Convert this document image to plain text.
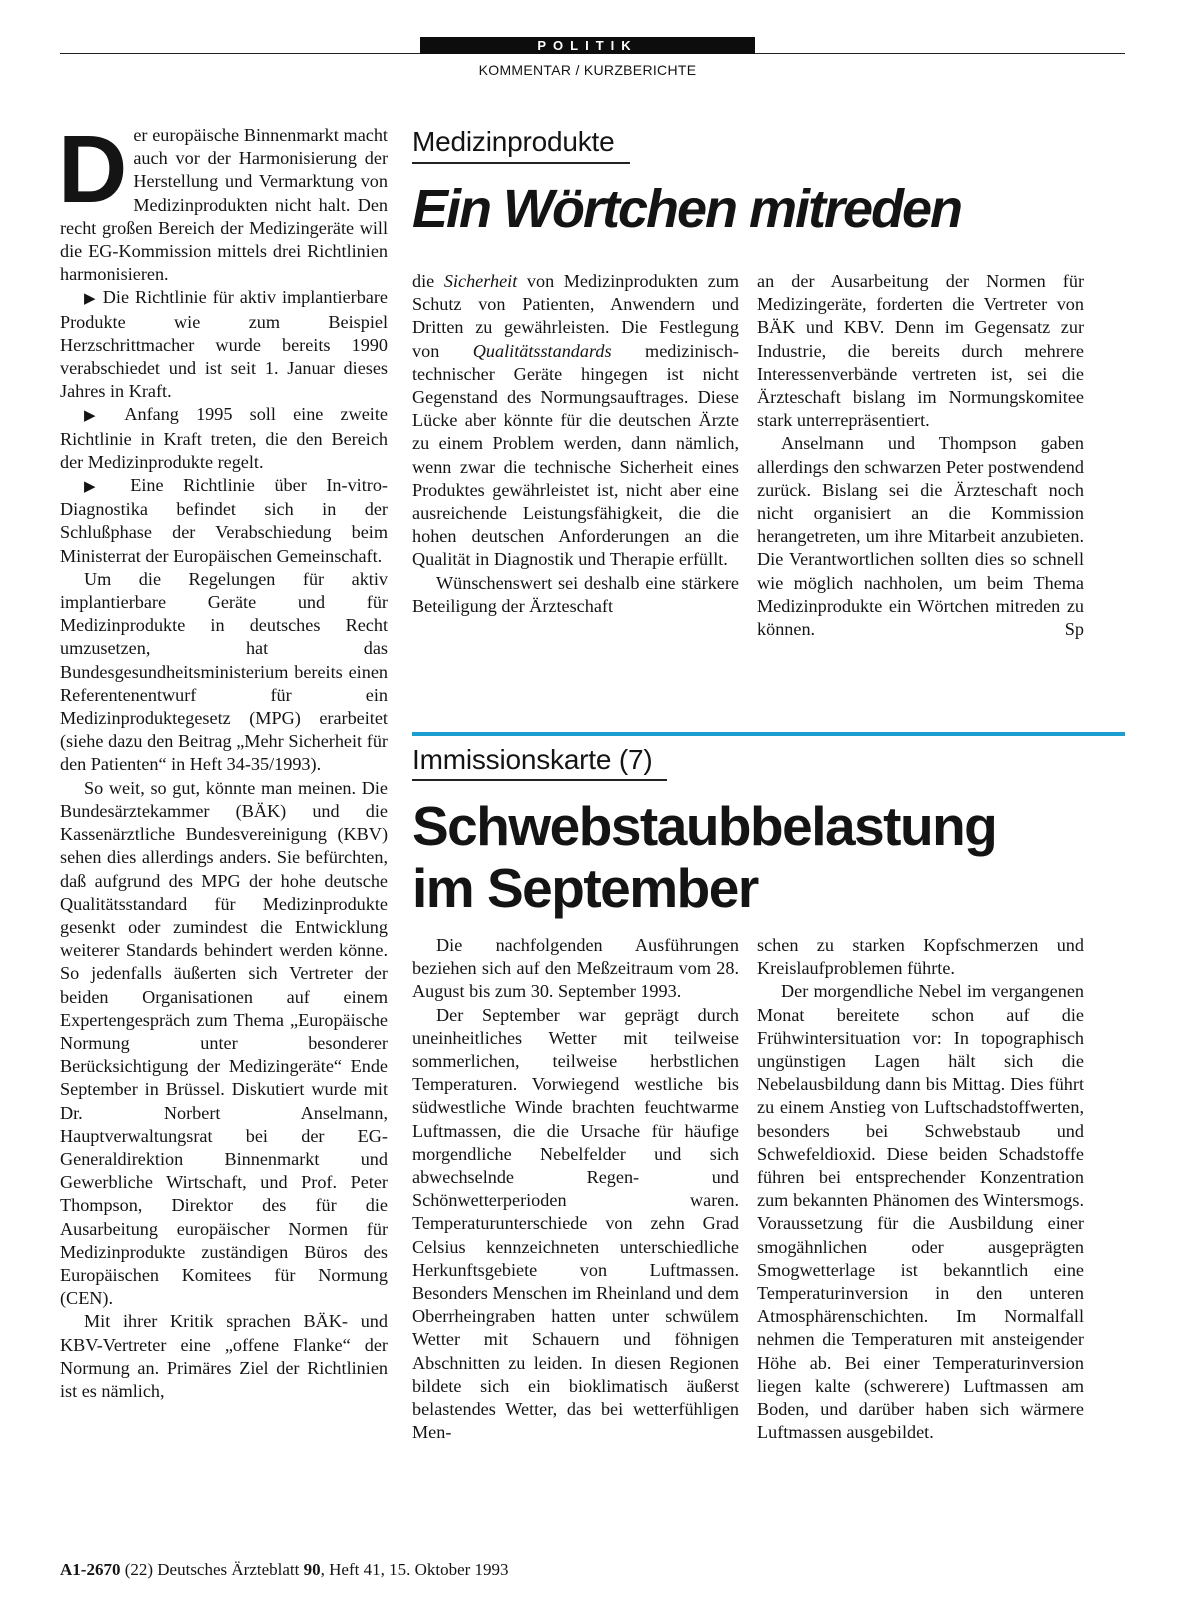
POLITIK
KOMMENTAR / KURZBERICHTE

Der europäische Binnenmarkt macht auch vor der Harmonisierung der Herstellung und Vermarktung von Medizinprodukten nicht halt. Den recht großen Bereich der Medizingeräte will die EG-Kommission mittels drei Richtlinien harmonisieren.

▶ Die Richtlinie für aktiv implantierbare Produkte wie zum Beispiel Herzschrittmacher wurde bereits 1990 verabschiedet und ist seit 1. Januar dieses Jahres in Kraft.

▶ Anfang 1995 soll eine zweite Richtlinie in Kraft treten, die den Bereich der Medizinprodukte regelt.

▶ Eine Richtlinie über In-vitro-Diagnostika befindet sich in der Schlußphase der Verabschiedung beim Ministerrat der Europäischen Gemeinschaft.

Um die Regelungen für aktiv implantierbare Geräte und für Medizinprodukte in deutsches Recht umzusetzen, hat das Bundesgesundheitsministerium bereits einen Referentenentwurf für ein Medizinproduktegesetz (MPG) erarbeitet (siehe dazu den Beitrag „Mehr Sicherheit für den Patienten“ in Heft 34-35/1993).

So weit, so gut, könnte man meinen. Die Bundesärztekammer (BÄK) und die Kassenärztliche Bundesvereinigung (KBV) sehen dies allerdings anders. Sie befürchten, daß aufgrund des MPG der hohe deutsche Qualitätsstandard für Medizinprodukte gesenkt oder zumindest die Entwicklung weiterer Standards behindert werden könne. So jedenfalls äußerten sich Vertreter der beiden Organisationen auf einem Expertengespräch zum Thema „Europäische Normung unter besonderer Berücksichtigung der Medizingeräte“ Ende September in Brüssel. Diskutiert wurde mit Dr. Norbert Anselmann, Hauptverwaltungsrat bei der EG-Generaldirektion Binnenmarkt und Gewerbliche Wirtschaft, und Prof. Peter Thompson, Direktor des für die Ausarbeitung europäischer Normen für Medizinprodukte zuständigen Büros des Europäischen Komitees für Normung (CEN).

Mit ihrer Kritik sprachen BÄK- und KBV-Vertreter eine „offene Flanke“ der Normung an. Primäres Ziel der Richtlinien ist es nämlich,

Medizinprodukte
Ein Wörtchen mitreden

die Sicherheit von Medizinprodukten zum Schutz von Patienten, Anwendern und Dritten zu gewährleisten. Die Festlegung von Qualitätsstandards medizinisch-technischer Geräte hingegen ist nicht Gegenstand des Normungsauftrages. Diese Lücke aber könnte für die deutschen Ärzte zu einem Problem werden, dann nämlich, wenn zwar die technische Sicherheit eines Produktes gewährleistet ist, nicht aber eine ausreichende Leistungsfähigkeit, die die hohen deutschen Anforderungen an die Qualität in Diagnostik und Therapie erfüllt.

Wünschenswert sei deshalb eine stärkere Beteiligung der Ärzteschaft

an der Ausarbeitung der Normen für Medizingeräte, forderten die Vertreter von BÄK und KBV. Denn im Gegensatz zur Industrie, die bereits durch mehrere Interessenverbände vertreten ist, sei die Ärzteschaft bislang im Normungskomitee stark unterrepräsentiert.

Anselmann und Thompson gaben allerdings den schwarzen Peter postwendend zurück. Bislang sei die Ärzteschaft noch nicht organisiert an die Kommission herangetreten, um ihre Mitarbeit anzubieten. Die Verantwortlichen sollten dies so schnell wie möglich nachholen, um beim Thema Medizinprodukte ein Wörtchen mitreden zu können.	Sp

Immissionskarte (7)
Schwebstaubbelastung
im September

Die nachfolgenden Ausführungen beziehen sich auf den Meßzeitraum vom 28. August bis zum 30. September 1993.

Der September war geprägt durch uneinheitliches Wetter mit teilweise sommerlichen, teilweise herbstlichen Temperaturen. Vorwiegend westliche bis südwestliche Winde brachten feuchtwarme Luftmassen, die die Ursache für häufige morgendliche Nebelfelder und sich abwechselnde Regen- und Schönwetterperioden waren. Temperaturunterschiede von zehn Grad Celsius kennzeichneten unterschiedliche Herkunftsgebiete von Luftmassen. Besonders Menschen im Rheinland und dem Oberrheingraben hatten unter schwülem Wetter mit Schauern und föhnigen Abschnitten zu leiden. In diesen Regionen bildete sich ein bioklimatisch äußerst belastendes Wetter, das bei wetterfühligen Men-

schen zu starken Kopfschmerzen und Kreislaufproblemen führte.

Der morgendliche Nebel im vergangenen Monat bereitete schon auf die Frühwintersituation vor: In topographisch ungünstigen Lagen hält sich die Nebelausbildung dann bis Mittag. Dies führt zu einem Anstieg von Luftschadstoffwerten, besonders bei Schwebstaub und Schwefeldioxid. Diese beiden Schadstoffe führen bei entsprechender Konzentration zum bekannten Phänomen des Wintersmogs. Voraussetzung für die Ausbildung einer smogähnlichen oder ausgeprägten Smogwetterlage ist bekanntlich eine Temperaturinversion in den unteren Atmosphärenschichten. Im Normalfall nehmen die Temperaturen mit ansteigender Höhe ab. Bei einer Temperaturinversion liegen kalte (schwerere) Luftmassen am Boden, und darüber haben sich wärmere Luftmassen ausgebildet.

A1-2670 (22) Deutsches Ärzteblatt 90, Heft 41, 15. Oktober 1993
